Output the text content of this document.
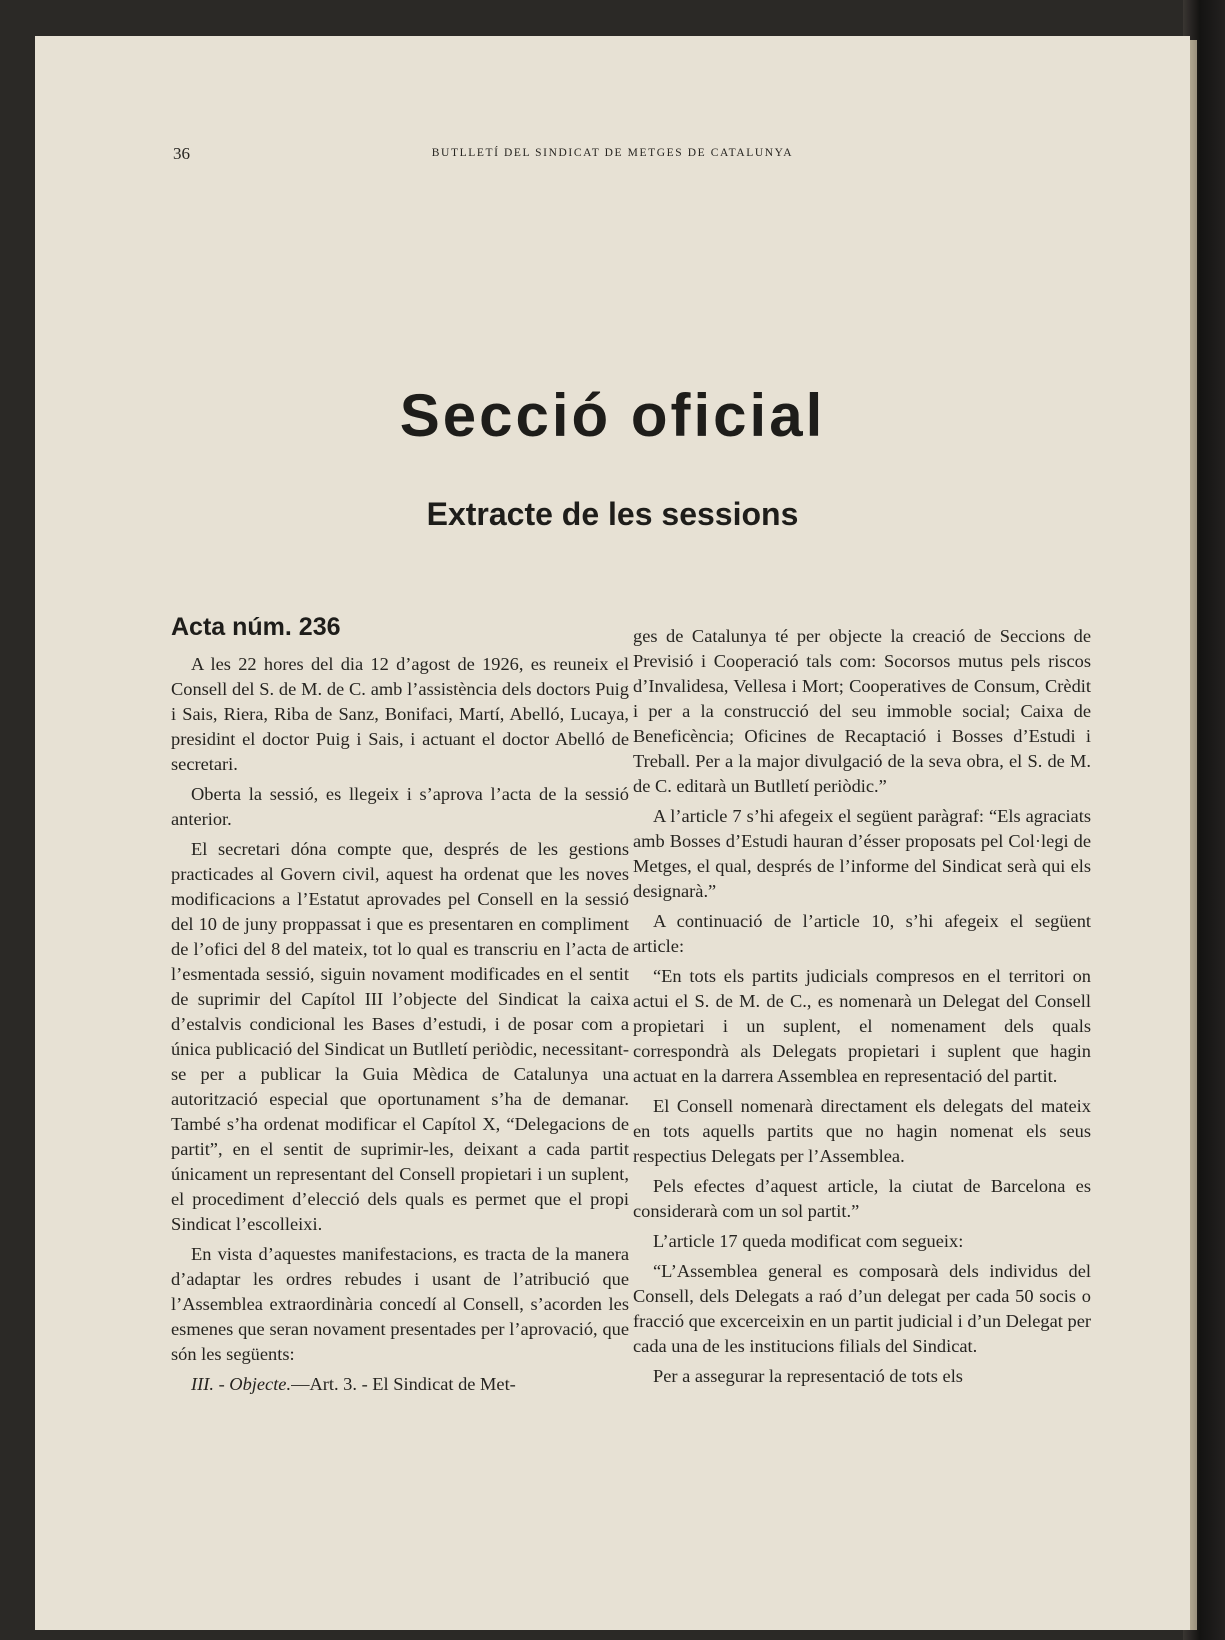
36	BUTLLETÍ DEL SINDICAT DE METGES DE CATALUNYA
Secció oficial
Extracte de les sessions
Acta núm. 236

A les 22 hores del dia 12 d’agost de 1926, es reuneix el Consell del S. de M. de C. amb l’assistència dels doctors Puig i Sais, Riera, Riba de Sanz, Bonifaci, Martí, Abelló, Lucaya, presidint el doctor Puig i Sais, i actuant el doctor Abelló de secretari.

Oberta la sessió, es llegeix i s’aprova l’acta de la sessió anterior.

El secretari dóna compte que, després de les gestions practicades al Govern civil, aquest ha ordenat que les noves modificacions a l’Estatut aprovades pel Consell en la sessió del 10 de juny proppassat i que es presentaren en compliment de l’ofici del 8 del mateix, tot lo qual es transcriu en l’acta de l’esmentada sessió, siguin novament modificades en el sentit de suprimir del Capítol III l’objecte del Sindicat la caixa d’estalvis condicional les Bases d’estudi, i de posar com a única publicació del Sindicat un Butlletí periòdic, necessitant-se per a publicar la Guia Mèdica de Catalunya una autorització especial que oportunament s’ha de demanar. També s’ha ordenat modificar el Capítol X, “Delegacions de partit”, en el sentit de suprimir-les, deixant a cada partit únicament un representant del Consell propietari i un suplent, el procediment d’elecció dels quals es permet que el propi Sindicat l’escolleixi.

En vista d’aquestes manifestacions, es tracta de la manera d’adaptar les ordres rebudes i usant de l’atribució que l’Assemblea extraordinària concedí al Consell, s’acorden les esmenes que seran novament presentades per l’aprovació, que són les següents:

III. - Objecte.—Art. 3. - El Sindicat de Met-

ges de Catalunya té per objecte la creació de Seccions de Previsió i Cooperació tals com: Socorsos mutus pels riscos d’Invalidesa, Vellesa i Mort; Cooperatives de Consum, Crèdit i per a la construcció del seu immoble social; Caixa de Beneficència; Oficines de Recaptació i Bosses d’Estudi i Treball. Per a la major divulgació de la seva obra, el S. de M. de C. editarà un Butlletí periòdic.”

A l’article 7 s’hi afegeix el següent paràgraf: “Els agraciats amb Bosses d’Estudi hauran d’ésser proposats pel Col·legi de Metges, el qual, després de l’informe del Sindicat serà qui els designarà.”

A continuació de l’article 10, s’hi afegeix el següent article:

“En tots els partits judicials compresos en el territori on actui el S. de M. de C., es nomenarà un Delegat del Consell propietari i un suplent, el nomenament dels quals correspondrà als Delegats propietari i suplent que hagin actuat en la darrera Assemblea en representació del partit.

El Consell nomenarà directament els delegats del mateix en tots aquells partits que no hagin nomenat els seus respectius Delegats per l’Assemblea.

Pels efectes d’aquest article, la ciutat de Barcelona es considerarà com un sol partit.”

L’article 17 queda modificat com segueix:

“L’Assemblea general es composarà dels individus del Consell, dels Delegats a raó d’un delegat per cada 50 socis o fracció que excerceixin en un partit judicial i d’un Delegat per cada una de les institucions filials del Sindicat.

Per a assegurar la representació de tots els
